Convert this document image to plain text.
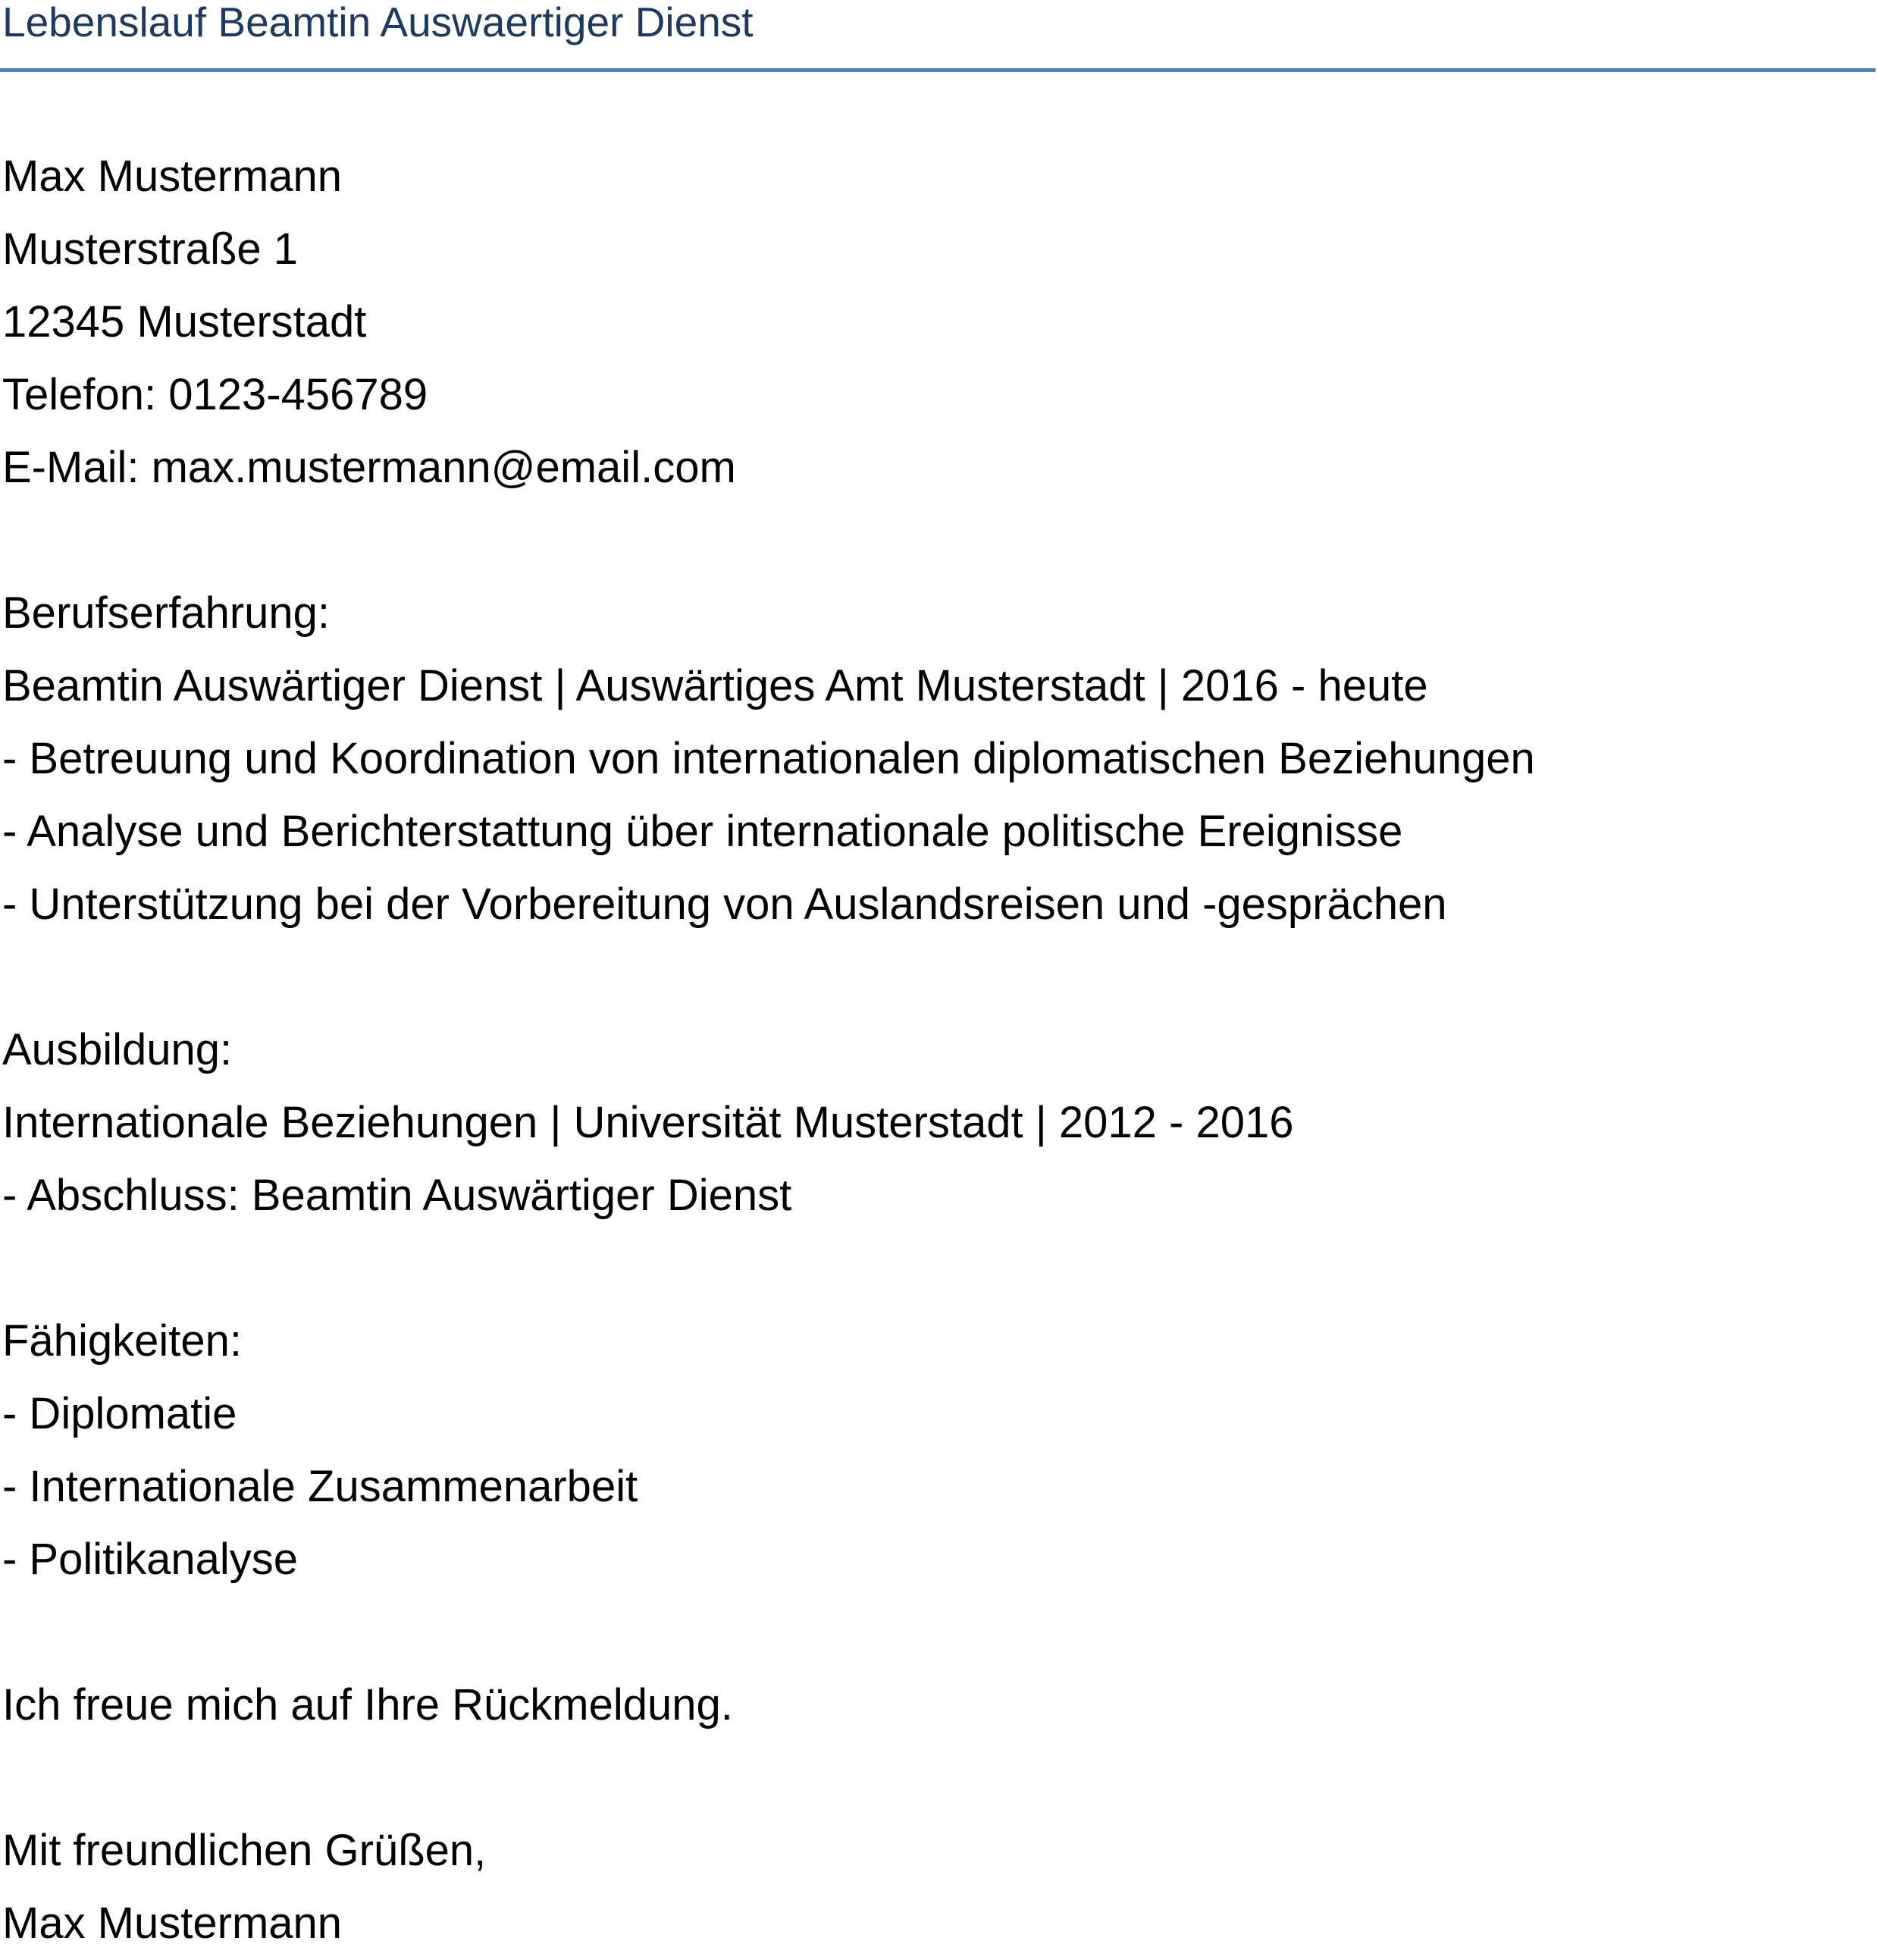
Lebenslauf Beamtin Auswaertiger Dienst
Max Mustermann
Musterstraße 1
12345 Musterstadt
Telefon: 0123-456789
E-Mail: max.mustermann@email.com
Berufserfahrung:
Beamtin Auswärtiger Dienst | Auswärtiges Amt Musterstadt | 2016 - heute
- Betreuung und Koordination von internationalen diplomatischen Beziehungen
- Analyse und Berichterstattung über internationale politische Ereignisse
- Unterstützung bei der Vorbereitung von Auslandsreisen und -gesprächen
Ausbildung:
Internationale Beziehungen | Universität Musterstadt | 2012 - 2016
- Abschluss: Beamtin Auswärtiger Dienst
Fähigkeiten:
- Diplomatie
- Internationale Zusammenarbeit
- Politikanalyse
Ich freue mich auf Ihre Rückmeldung.
Mit freundlichen Grüßen,
Max Mustermann
